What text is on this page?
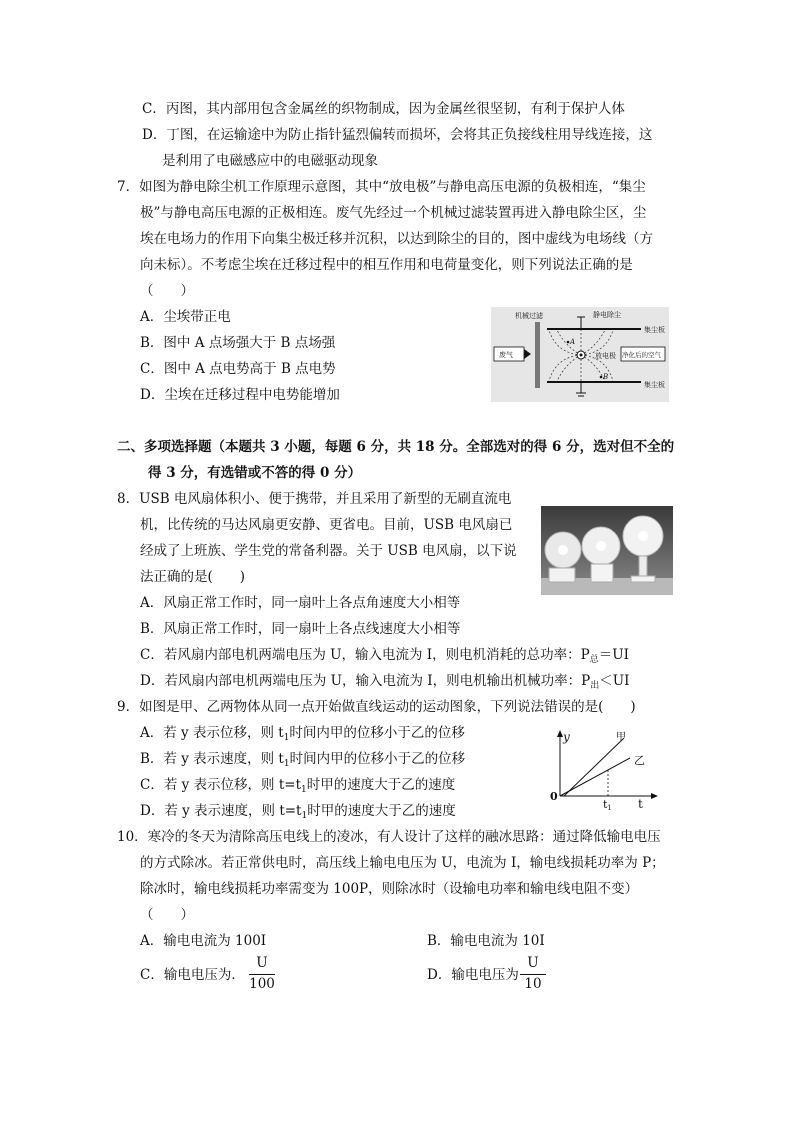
C．丙图，其内部用包含金属丝的织物制成，因为金属丝很坚韧，有利于保护人体
D．丁图，在运输途中为防止指针猛烈偏转而损坏，会将其正负接线柱用导线连接，这
是利用了电磁感应中的电磁驱动现象
7．如图为静电除尘机工作原理示意图，其中“放电极”与静电高压电源的负极相连，“集尘
极”与静电高压电源的正极相连。废气先经过一个机械过滤装置再进入静电除尘区，尘
埃在电场力的作用下向集尘极迁移并沉积，以达到除尘的目的，图中虚线为电场线（方
向未标）。不考虑尘埃在迁移过程中的相互作用和电荷量变化，则下列说法正确的是
（　　）
A．尘埃带正电
B．图中 A 点场强大于 B 点场强
C．图中 A 点电势高于 B 点电势
D．尘埃在迁移过程中电势能增加
机械过滤	静电除尘
集尘板
集尘板
放电极
A
B
废气	净化后的空气
二、多项选择题（本题共 3 小题，每题 6 分，共 18 分。全部选对的得 6 分，选对但不全的
得 3 分，有选错或不答的得 0 分）
8．USB 电风扇体积小、便于携带，并且采用了新型的无刷直流电
机，比传统的马达风扇更安静、更省电。目前，USB 电风扇已
经成了上班族、学生党的常备利器。关于 USB 电风扇，以下说
法正确的是(　　)
A．风扇正常工作时，同一扇叶上各点角速度大小相等
B．风扇正常工作时，同一扇叶上各点线速度大小相等
C．若风扇内部电机两端电压为 U，输入电流为 I，则电机消耗的总功率：$P_总=UI$
D．若风扇内部电机两端电压为 U，输入电流为 I，则电机输出机械功率：$P_出<UI$
9．如图是甲、乙两物体从同一点开始做直线运动的运动图象，下列说法错误的是(　　)
A．若 y 表示位移，则 $t_1$时间内甲的位移小于乙的位移
B．若 y 表示速度，则 $t_1$时间内甲的位移小于乙的位移
C．若 y 表示位移，则 $t=t_1$时甲的速度大于乙的速度
D．若 y 表示速度，则 $t=t_1$时甲的速度大于乙的速度
y
0
t
甲
乙
t1
10．寒冷的冬天为清除高压电线上的凌冰，有人设计了这样的融冰思路：通过降低输电电压
的方式除冰。若正常供电时，高压线上输电电压为 U，电流为 I，输电线损耗功率为 P；
除冰时，输电线损耗功率需变为 100P，则除冰时（设输电功率和输电线电阻不变）
（　　）
A．输电电流为 100I	B．输电电流为 10I
C．输电电压为．
U
100
D．输电电压为
U
10
